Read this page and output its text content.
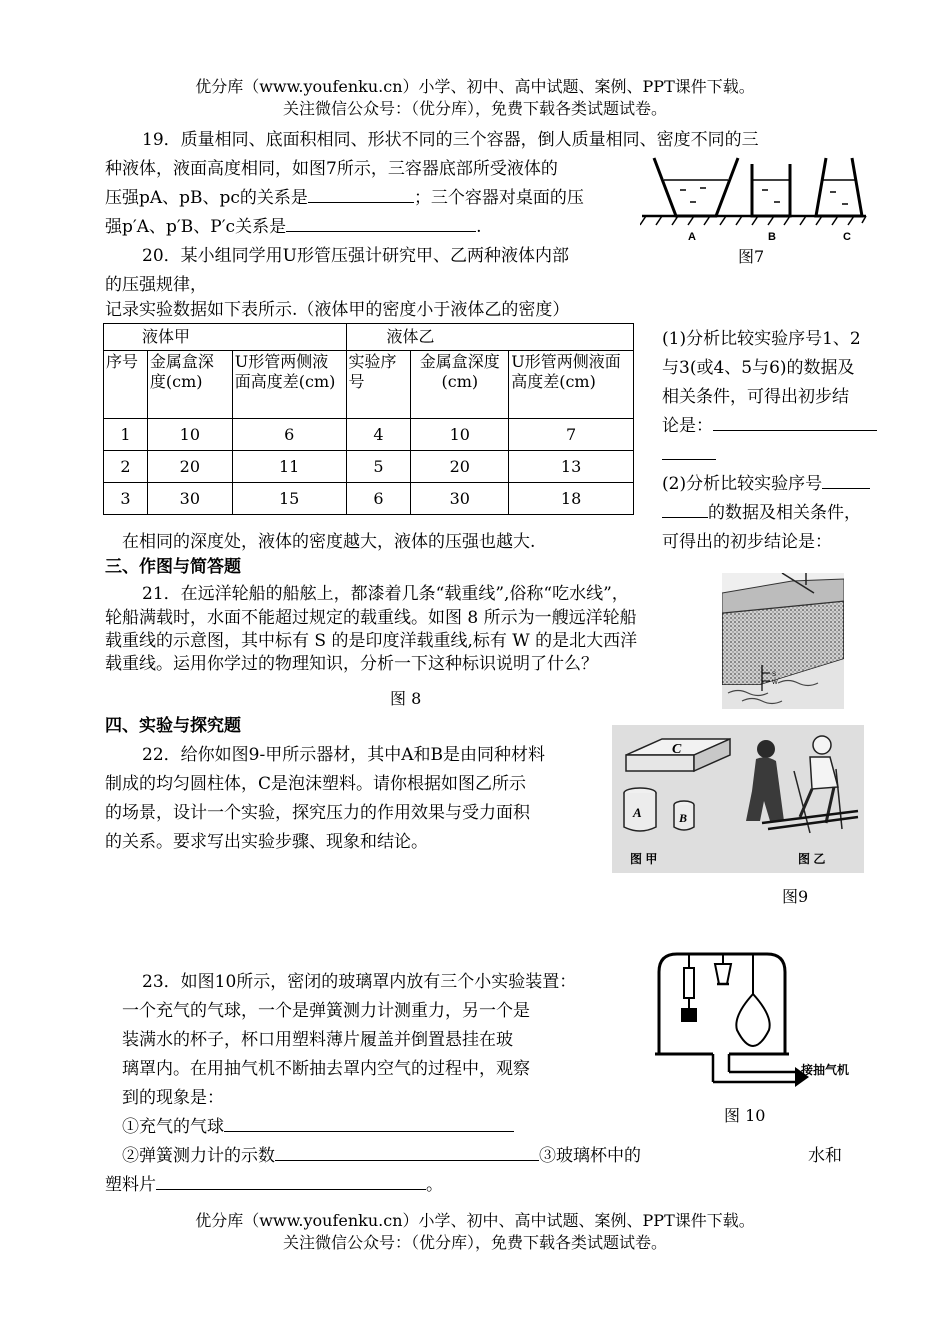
优分库（www.youfenku.cn）小学、初中、高中试题、案例、PPT课件下载。
关注微信公众号：（优分库），免费下载各类试题试卷。
19．质量相同、底面积相同、形状不同的三个容器，倒人质量相同、密度不同的三
种液体，液面高度相同，如图7所示，三容器底部所受液体的
压强pA、pB、pc的关系是	；三个容器对桌面的压
强p′A、p′B、P′c关系是	.	A	B	C
图7
20．某小组同学用U形管压强计研究甲、乙两种液体内部
的压强规律，
记录实验数据如下表所示.（液体甲的密度小于液体乙的密度）
液体甲			液体乙		
序号	金属盒深度(cm)	U形管两侧液面高度差(cm)	实验序号	金属盒深度(cm)	U形管两侧液面高度差(cm)
1	10	6	4	10	7
2	20	11	5	20	13
3	30	15	6	30	18
(1)分析比较实验序号1、2
与3(或4、5与6)的数据及
相关条件，可得出初步结
论是：
(2)分析比较实验序号
的数据及相关条件，
可得出的初步结论是：
在相同的深度处，液体的密度越大，液体的压强也越大.
三、作图与简答题
21．在远洋轮船的船舷上，都漆着几条“载重线”,俗称“吃水线”，
轮船满载时，水面不能超过规定的载重线。如图 8 所示为一艘远洋轮船
载重线的示意图，其中标有 S 的是印度洋载重线,标有 W 的是北大西洋
载重线。运用你学过的物理知识，分析一下这种标识说明了什么？
S
W
图 8
四、实验与探究题
22．给你如图9-甲所示器材，其中A和B是由同种材料
制成的均匀圆柱体，C是泡沫塑料。请你根据如图乙所示
的场景，设计一个实验，探究压力的作用效果与受力面积
的关系。要求写出实验步骤、现象和结论。
C
A	B
图 甲	图 乙
图9
23．如图10所示，密闭的玻璃罩内放有三个小实验装置：
一个充气的气球，一个是弹簧测力计测重力，另一个是
装满水的杯子，杯口用塑料薄片履盖并倒置悬挂在玻
璃罩内。在用抽气机不断抽去罩内空气的过程中，观察
到的现象是：
①充气的气球
②弹簧测力计的示数	③玻璃杯中的	水和
塑料片	。
接抽气机
图 10
优分库（www.youfenku.cn）小学、初中、高中试题、案例、PPT课件下载。
关注微信公众号：（优分库），免费下载各类试题试卷。
